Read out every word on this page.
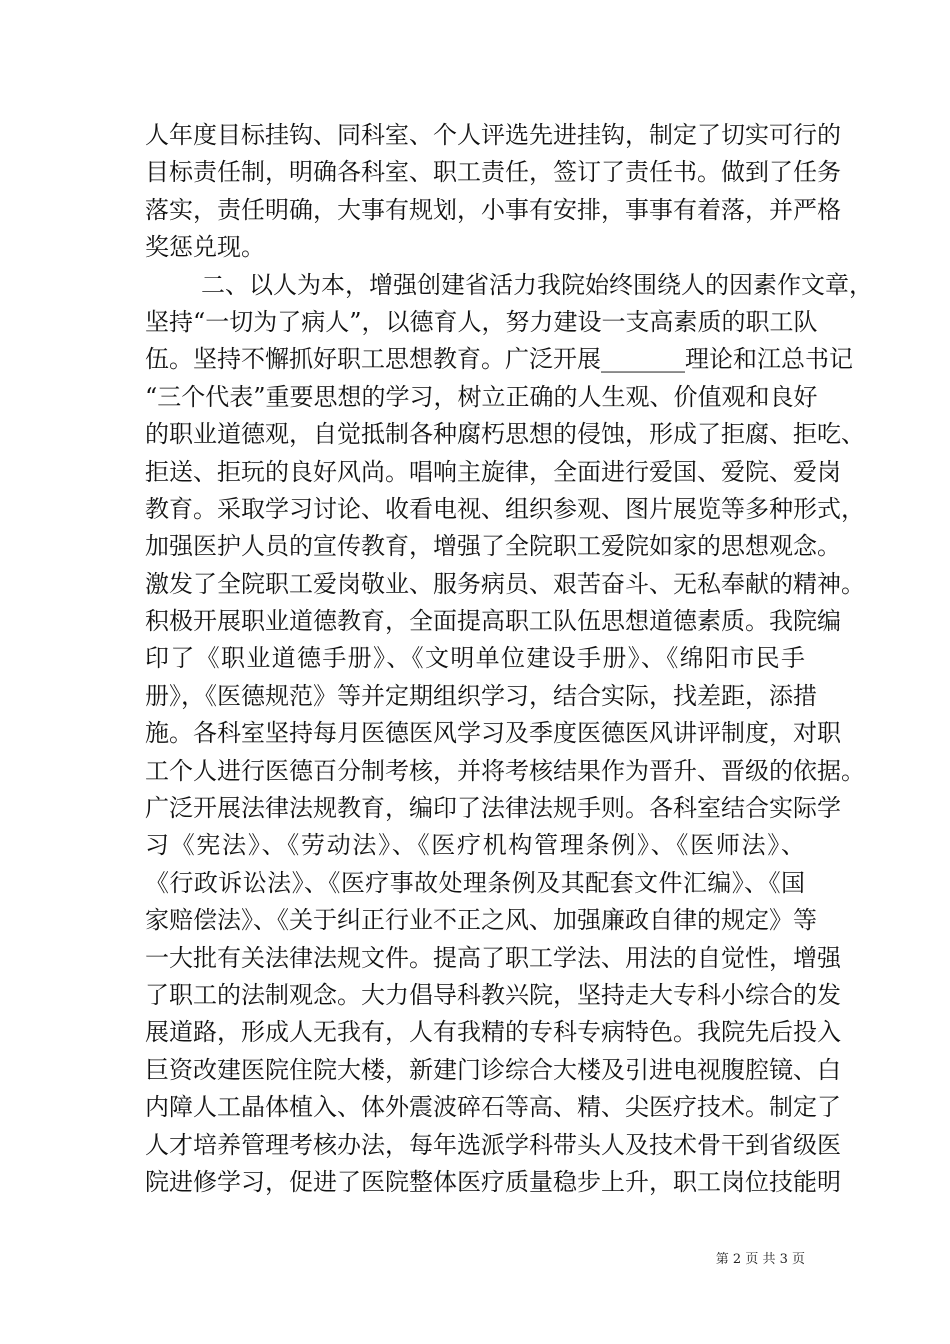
人年度目标挂钩、同科室、个人评选先进挂钩，制定了切实可行的
目标责任制，明确各科室、职工责任，签订了责任书。做到了任务
落实，责任明确，大事有规划，小事有安排，事事有着落，并严格
奖惩兑现。
二、以人为本，增强创建省活力我院始终围绕人的因素作文章，
坚持“一切为了病人”，以德育人，努力建设一支高素质的职工队
伍。坚持不懈抓好职工思想教育。广泛开展_______理论和江总书记
“三个代表”重要思想的学习，树立正确的人生观、价值观和良好
的职业道德观，自觉抵制各种腐朽思想的侵蚀，形成了拒腐、拒吃、
拒送、拒玩的良好风尚。唱响主旋律，全面进行爱国、爱院、爱岗
教育。采取学习讨论、收看电视、组织参观、图片展览等多种形式，
加强医护人员的宣传教育，增强了全院职工爱院如家的思想观念。
激发了全院职工爱岗敬业、服务病员、艰苦奋斗、无私奉献的精神。
积极开展职业道德教育，全面提高职工队伍思想道德素质。我院编
印了《职业道德手册》、《文明单位建设手册》、《绵阳市民手
册》，《医德规范》等并定期组织学习，结合实际，找差距，添措
施。各科室坚持每月医德医风学习及季度医德医风讲评制度，对职
工个人进行医德百分制考核，并将考核结果作为晋升、晋级的依据。
广泛开展法律法规教育，编印了法律法规手则。各科室结合实际学
习《宪法》、《劳动法》、《医疗机构管理条例》、《医师法》、
《行政诉讼法》、《医疗事故处理条例及其配套文件汇编》、《国
家赔偿法》、《关于纠正行业不正之风、加强廉政自律的规定》等
一大批有关法律法规文件。提高了职工学法、用法的自觉性，增强
了职工的法制观念。大力倡导科教兴院，坚持走大专科小综合的发
展道路，形成人无我有，人有我精的专科专病特色。我院先后投入
巨资改建医院住院大楼，新建门诊综合大楼及引进电视腹腔镜、白
内障人工晶体植入、体外震波碎石等高、精、尖医疗技术。制定了
人才培养管理考核办法，每年选派学科带头人及技术骨干到省级医
院进修学习，促进了医院整体医疗质量稳步上升，职工岗位技能明
第 2 页 共 3 页
